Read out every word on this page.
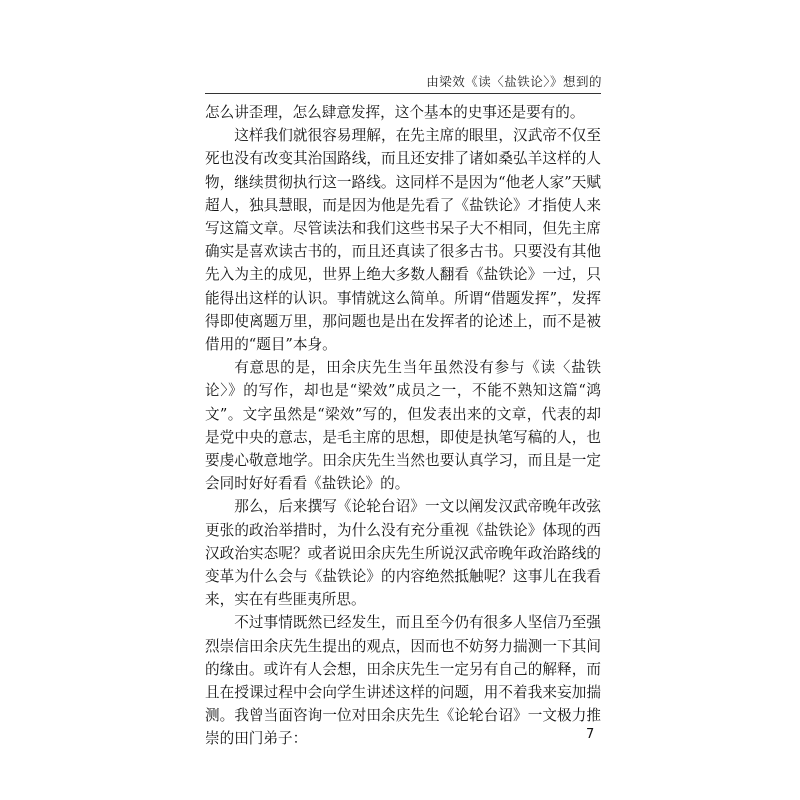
由梁效《读〈盐铁论〉》想到的

怎么讲歪理，怎么肆意发挥，这个基本的史事还是要有的。

这样我们就很容易理解，在先主席的眼里，汉武帝不仅至死也没有改变其治国路线，而且还安排了诸如桑弘羊这样的人物，继续贯彻执行这一路线。这同样不是因为“他老人家”天赋超人，独具慧眼，而是因为他是先看了《盐铁论》才指使人来写这篇文章。尽管读法和我们这些书呆子大不相同，但先主席确实是喜欢读古书的，而且还真读了很多古书。只要没有其他先入为主的成见，世界上绝大多数人翻看《盐铁论》一过，只能得出这样的认识。事情就这么简单。所谓“借题发挥”，发挥得即使离题万里，那问题也是出在发挥者的论述上，而不是被借用的“题目”本身。

有意思的是，田余庆先生当年虽然没有参与《读〈盐铁论〉》的写作，却也是“梁效”成员之一，不能不熟知这篇“鸿文”。文字虽然是“梁效”写的，但发表出来的文章，代表的却是党中央的意志，是毛主席的思想，即使是执笔写稿的人，也要虔心敬意地学。田余庆先生当然也要认真学习，而且是一定会同时好好看看《盐铁论》的。

那么，后来撰写《论轮台诏》一文以阐发汉武帝晚年改弦更张的政治举措时，为什么没有充分重视《盐铁论》体现的西汉政治实态呢？或者说田余庆先生所说汉武帝晚年政治路线的变革为什么会与《盐铁论》的内容绝然抵触呢？这事儿在我看来，实在有些匪夷所思。

不过事情既然已经发生，而且至今仍有很多人坚信乃至强烈崇信田余庆先生提出的观点，因而也不妨努力揣测一下其间的缘由。或许有人会想，田余庆先生一定另有自己的解释，而且在授课过程中会向学生讲述这样的问题，用不着我来妄加揣测。我曾当面咨询一位对田余庆先生《论轮台诏》一文极力推崇的田门弟子：	7
